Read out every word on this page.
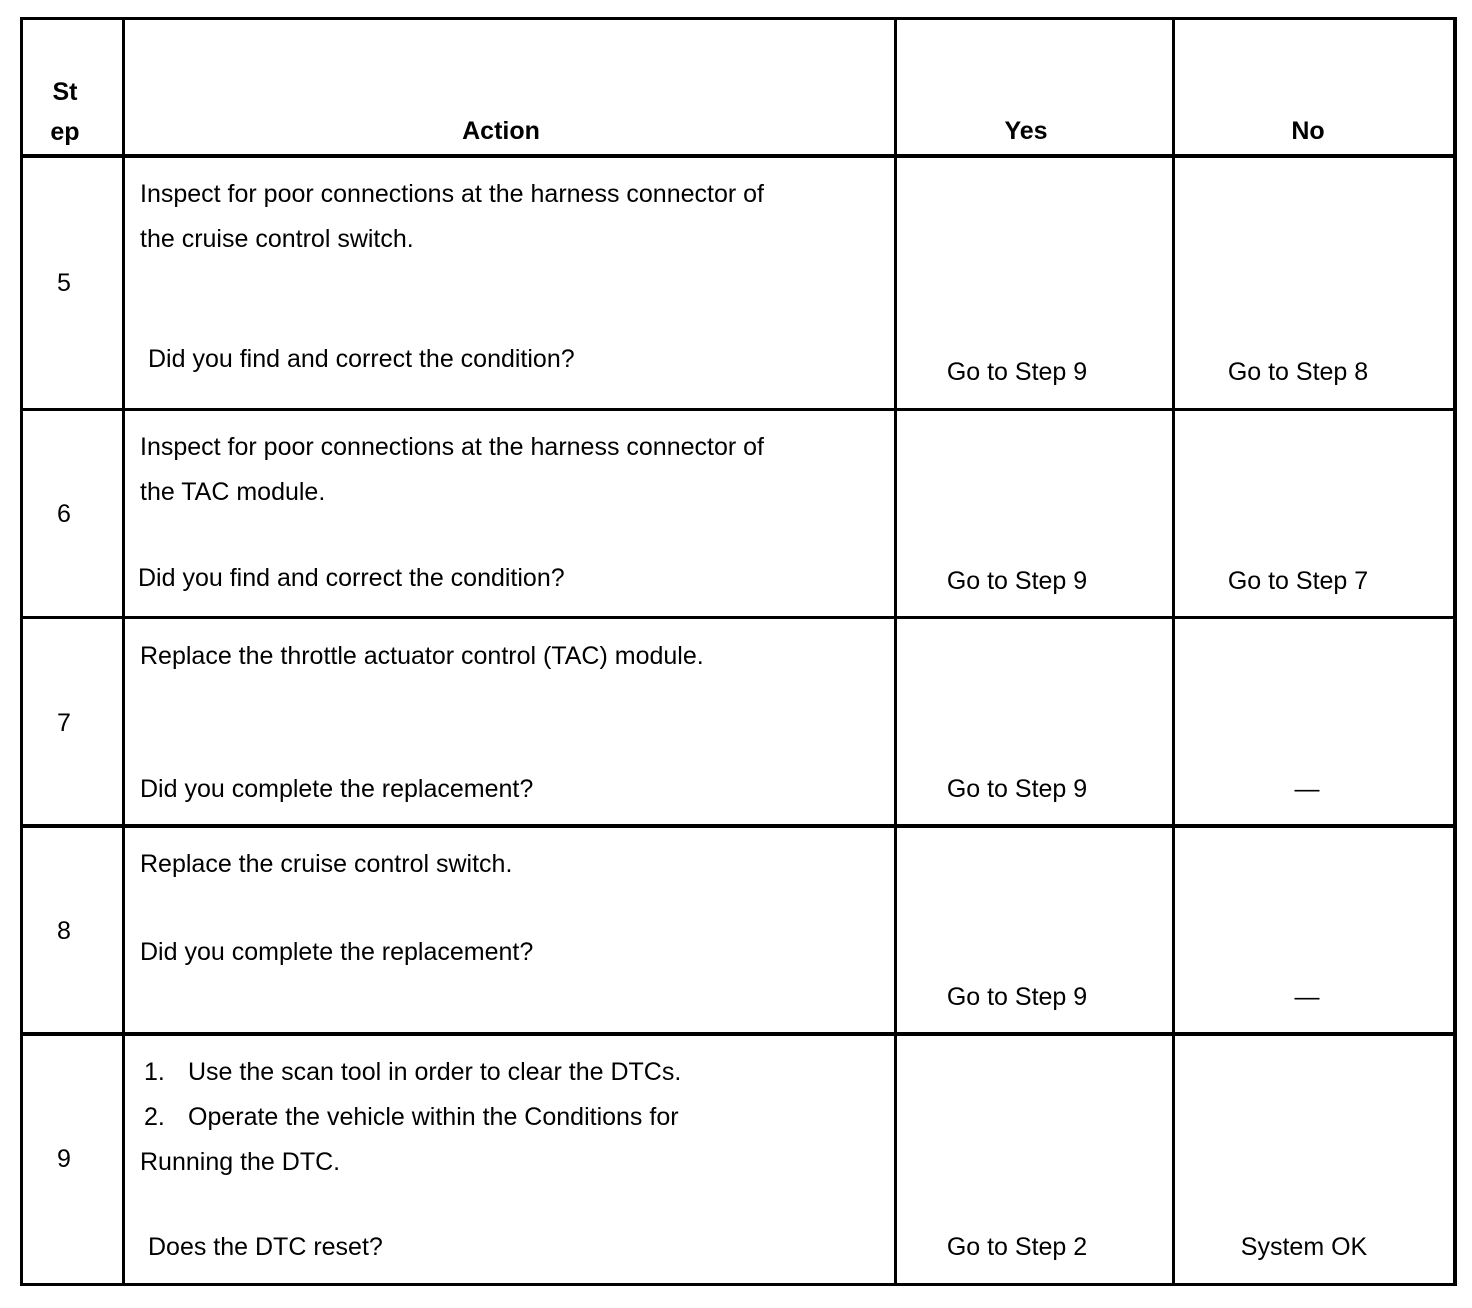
St
ep	Action	Yes	No
5
Inspect for poor connections at the harness connector of
the cruise control switch.
Did you find and correct the condition?	Go to Step 9	Go to Step 8
6
Inspect for poor connections at the harness connector of
the TAC module.
Did you find and correct the condition?	Go to Step 9	Go to Step 7
7
Replace the throttle actuator control (TAC) module.
Did you complete the replacement?	Go to Step 9	—
8
Replace the cruise control switch.
Did you complete the replacement?
Go to Step 9	—
9
1. Use the scan tool in order to clear the DTCs.
2. Operate the vehicle within the Conditions for
Running the DTC.
Does the DTC reset?	Go to Step 2	System OK
